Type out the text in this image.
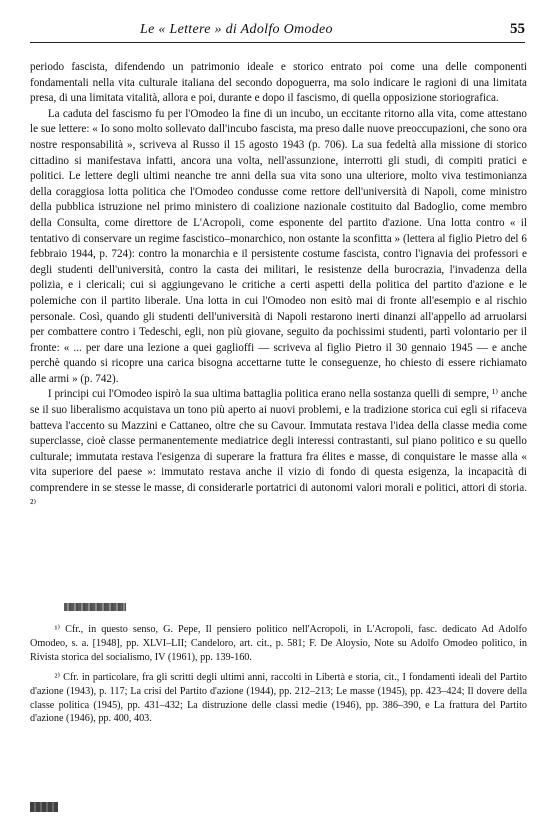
Le « Lettere » di Adolfo Omodeo	55

periodo fascista, difendendo un patrimonio ideale e storico entrato poi come una delle componenti fondamentali nella vita culturale italiana del secondo dopoguerra, ma solo indicare le ragioni di una limitata presa, di una limitata vitalità, allora e poi, durante e dopo il fascismo, di quella opposizione storiografica.

La caduta del fascismo fu per l'Omodeo la fine di un incubo, un eccitante ritorno alla vita, come attestano le sue lettere: « Io sono molto sollevato dall'incubo fascista, ma preso dalle nuove preoccupazioni, che sono ora nostre responsabilità », scriveva al Russo il 15 agosto 1943 (p. 706). La sua fedeltà alla missione di storico cittadino si manifestava infatti, ancora una volta, nell'assunzione, interrotti gli studi, di compiti pratici e politici. Le lettere degli ultimi neanche tre anni della sua vita sono una ulteriore, molto viva testimonianza della coraggiosa lotta politica che l'Omodeo condusse come rettore dell'università di Napoli, come ministro della pubblica istruzione nel primo ministero di coalizione nazionale costituito dal Badoglio, come membro della Consulta, come direttore de L'Acropoli, come esponente del partito d'azione. Una lotta contro « il tentativo di conservare un regime fascistico–monarchico, non ostante la sconfitta » (lettera al figlio Pietro del 6 febbraio 1944, p. 724): contro la monarchia e il persistente costume fascista, contro l'ignavia dei professori e degli studenti dell'università, contro la casta dei militari, le resistenze della burocrazia, l'invadenza della polizia, e i clericali; cui si aggiungevano le critiche a certi aspetti della politica del partito d'azione e le polemiche con il partito liberale. Una lotta in cui l'Omodeo non esitò mai di fronte all'esempio e al rischio personale. Così, quando gli studenti dell'università di Napoli restarono inerti dinanzi all'appello ad arruolarsi per combattere contro i Tedeschi, egli, non più giovane, seguito da pochissimi studenti, partì volontario per il fronte: « ... per dare una lezione a quei gaglioffi — scriveva al figlio Pietro il 30 gennaio 1945 — e anche perchè quando si ricopre una carica bisogna accettarne tutte le conseguenze, ho chiesto di essere richiamato alle armi » (p. 742).

I principi cui l'Omodeo ispirò la sua ultima battaglia politica erano nella sostanza quelli di sempre, ¹⁾ anche se il suo liberalismo acquistava un tono più aperto ai nuovi problemi, e la tradizione storica cui egli si rifaceva batteva l'accento su Mazzini e Cattaneo, oltre che su Cavour. Immutata restava l'idea della classe media come superclasse, cioè classe permanentemente mediatrice degli interessi contrastanti, sul piano politico e su quello culturale; immutata restava l'esigenza di superare la frattura fra élites e masse, di conquistare le masse alla « vita superiore del paese »: immutato restava anche il vizio di fondo di questa esigenza, la incapacità di comprendere in se stesse le masse, di considerarle portatrici di autonomi valori morali e politici, attori di storia. ²⁾

¹⁾ Cfr., in questo senso, G. Pepe, Il pensiero politico nell'Acropoli, in L'Acropoli, fasc. dedicato Ad Adolfo Omodeo, s. a. [1948], pp. XLVI–LII; Candeloro, art. cit., p. 581; F. De Aloysio, Note su Adolfo Omodeo politico, in Rivista storica del socialismo, IV (1961), pp. 139-160.

²⁾ Cfr. in particolare, fra gli scritti degli ultimi anni, raccolti in Libertà e storia, cit., I fondamenti ideali del Partito d'azione (1943), p. 117; La crisi del Partito d'azione (1944), pp. 212–213; Le masse (1945), pp. 423–424; Il dovere della classe politica (1945), pp. 431–432; La distruzione delle classi medie (1946), pp. 386–390, e La frattura del Partito d'azione (1946), pp. 400, 403.
